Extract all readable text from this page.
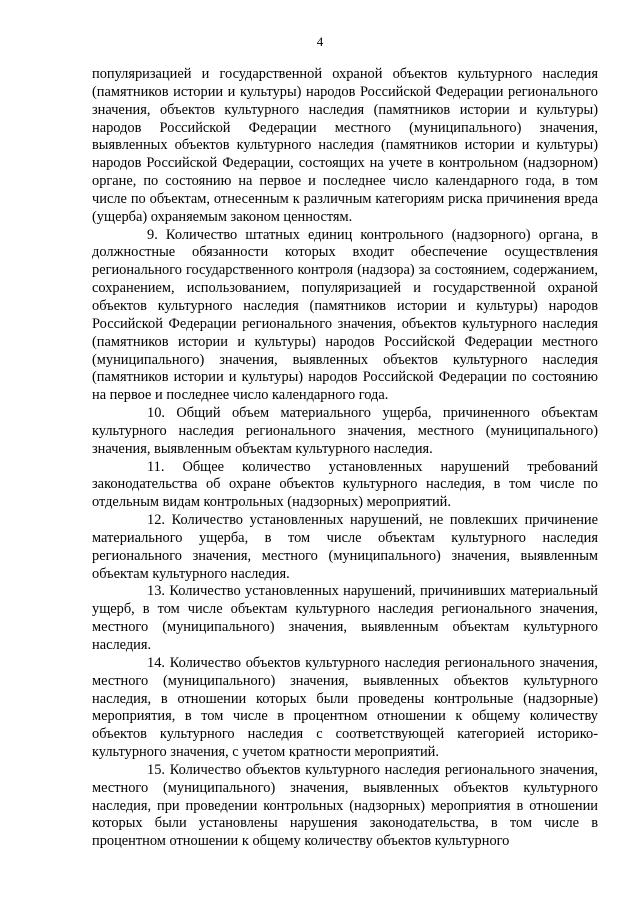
4

популяризацией и государственной охраной объектов культурного наследия (памятников истории и культуры) народов Российской Федерации регионального значения, объектов культурного наследия (памятников истории и культуры) народов Российской Федерации местного (муниципального) значения, выявленных объектов культурного наследия (памятников истории и культуры) народов Российской Федерации, состоящих на учете в контрольном (надзорном) органе, по состоянию на первое и последнее число календарного года, в том числе по объектам, отнесенным к различным категориям риска причинения вреда (ущерба) охраняемым законом ценностям.

9. Количество штатных единиц контрольного (надзорного) органа, в должностные обязанности которых входит обеспечение осуществления регионального государственного контроля (надзора) за состоянием, содержанием, сохранением, использованием, популяризацией и государственной охраной объектов культурного наследия (памятников истории и культуры) народов Российской Федерации регионального значения, объектов культурного наследия (памятников истории и культуры) народов Российской Федерации местного (муниципального) значения, выявленных объектов культурного наследия (памятников истории и культуры) народов Российской Федерации по состоянию на первое и последнее число календарного года.

10. Общий объем материального ущерба, причиненного объектам культурного наследия регионального значения, местного (муниципального) значения, выявленным объектам культурного наследия.

11. Общее количество установленных нарушений требований законодательства об охране объектов культурного наследия, в том числе по отдельным видам контрольных (надзорных) мероприятий.

12. Количество установленных нарушений, не повлекших причинение материального ущерба, в том числе объектам культурного наследия регионального значения, местного (муниципального) значения, выявленным объектам культурного наследия.

13. Количество установленных нарушений, причинивших материальный ущерб, в том числе объектам культурного наследия регионального значения, местного (муниципального) значения, выявленным объектам культурного наследия.

14. Количество объектов культурного наследия регионального значения, местного (муниципального) значения, выявленных объектов культурного наследия, в отношении которых были проведены контрольные (надзорные) мероприятия, в том числе в процентном отношении к общему количеству объектов культурного наследия с соответствующей категорией историко-культурного значения, с учетом кратности мероприятий.

15. Количество объектов культурного наследия регионального значения, местного (муниципального) значения, выявленных объектов культурного наследия, при проведении контрольных (надзорных) мероприятия в отношении которых были установлены нарушения законодательства, в том числе в процентном отношении к общему количеству объектов культурного
